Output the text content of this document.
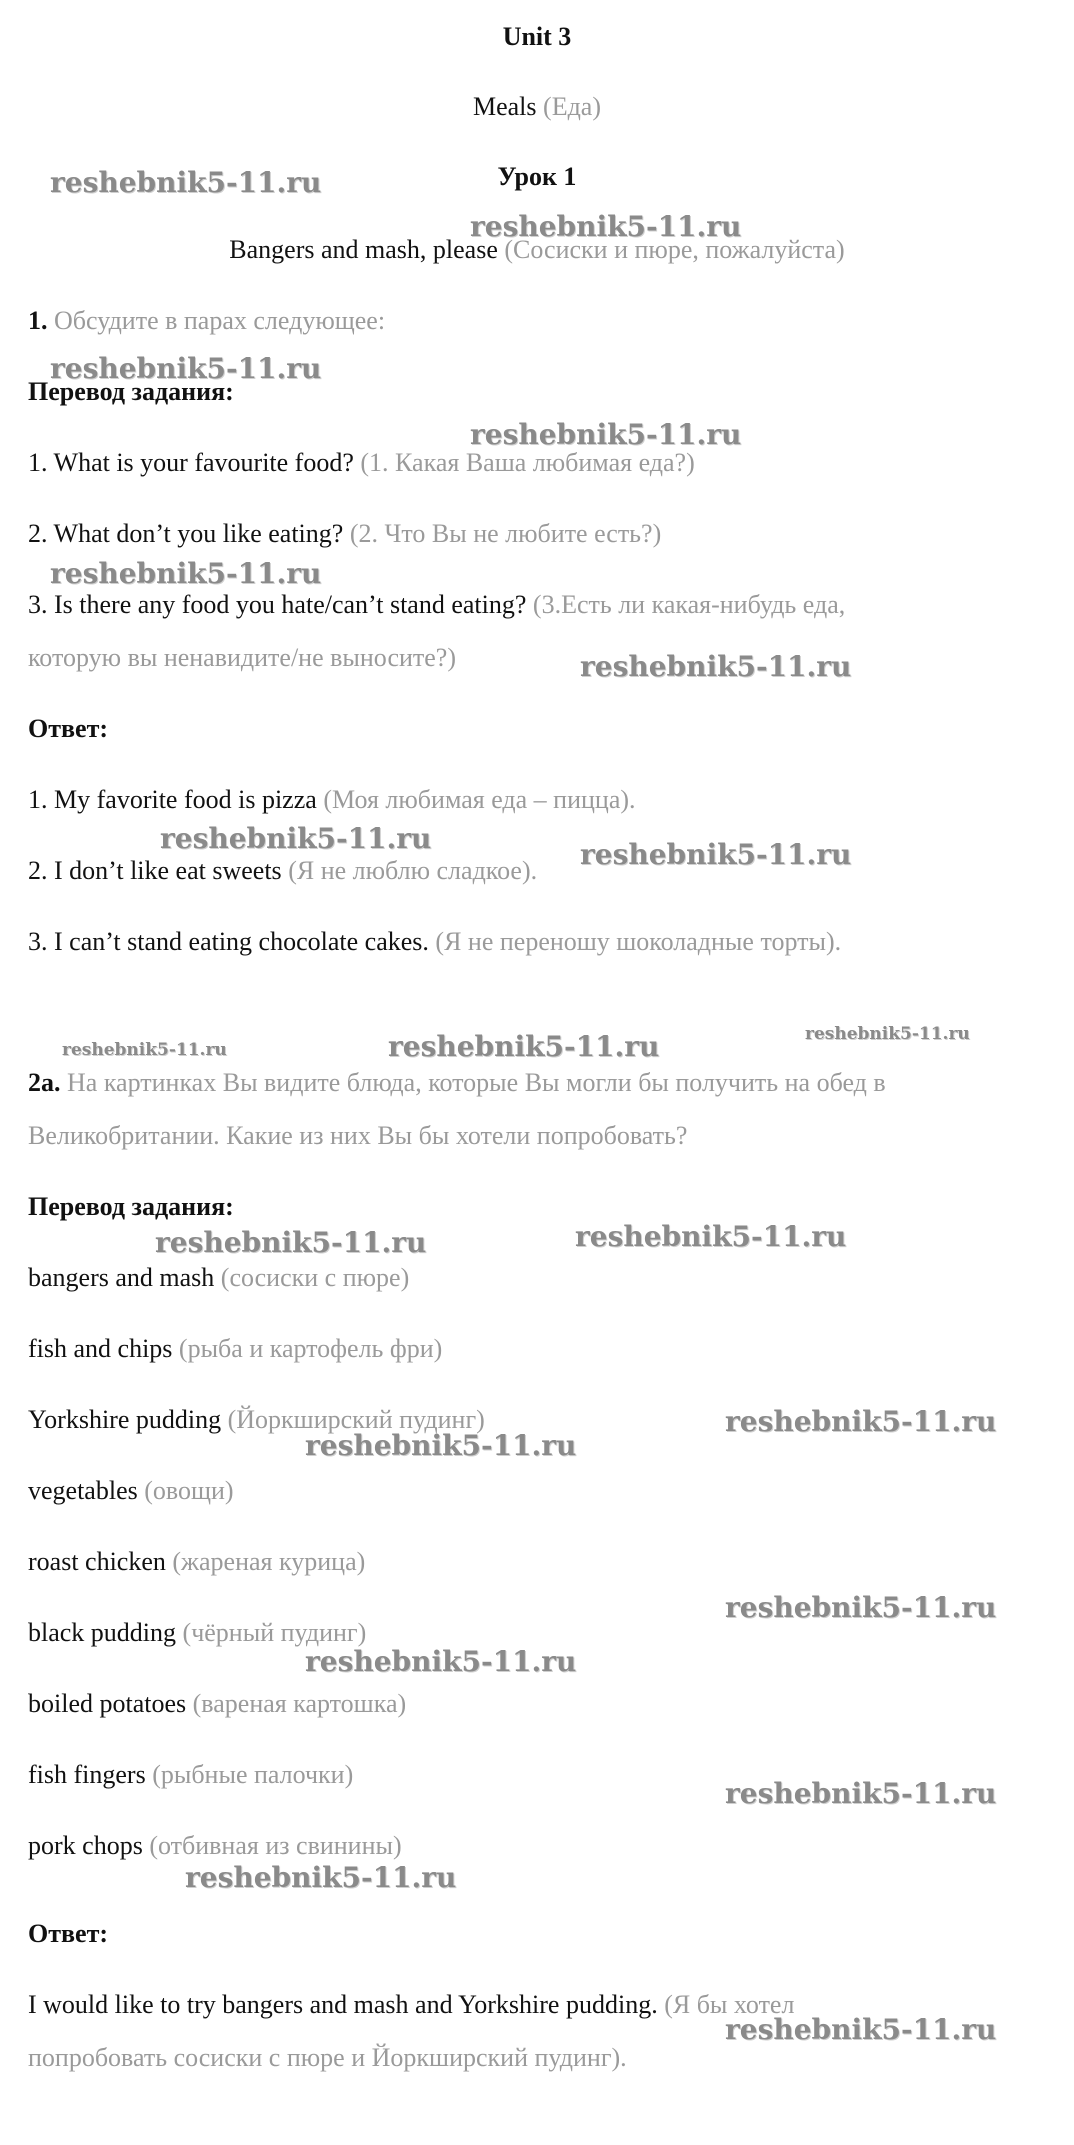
Unit 3
Meals (Еда)
Урок 1
Bangers and mash, please (Сосиски и пюре, пожалуйста)
1. Обсудите в парах следующее:
Перевод задания:
1. What is your favourite food? (1. Какая Ваша любимая еда?)
2. What don’t you like eating? (2. Что Вы не любите есть?)
3. Is there any food you hate/can’t stand eating? (3.Есть ли какая-нибудь еда,
которую вы ненавидите/не выносите?)
Ответ:
1. My favorite food is pizza (Моя любимая еда – пицца).
2. I don’t like eat sweets (Я не люблю сладкое).
3. I can’t stand eating chocolate cakes. (Я не переношу шоколадные торты).
2a. На картинках Вы видите блюда, которые Вы могли бы получить на обед в
Великобритании. Какие из них Вы бы хотели попробовать?
Перевод задания:
bangers and mash (сосиски с пюре)
fish and chips (рыба и картофель фри)
Yorkshire pudding (Йоркширский пудинг)
vegetables (овощи)
roast chicken (жареная курица)
black pudding (чёрный пудинг)
boiled potatoes (вареная картошка)
fish fingers (рыбные палочки)
pork chops (отбивная из свинины)
Ответ:
I would like to try bangers and mash and Yorkshire pudding. (Я бы хотел
попробовать сосиски с пюре и Йоркширский пудинг).
reshebnik5-11.ru
reshebnik5-11.ru
reshebnik5-11.ru
reshebnik5-11.ru
reshebnik5-11.ru
reshebnik5-11.ru
reshebnik5-11.ru	reshebnik5-11.ru
reshebnik5-11.ru	reshebnik5-11.ru	reshebnik5-11.ru
reshebnik5-11.ru	reshebnik5-11.ru
reshebnik5-11.ru
reshebnik5-11.ru
reshebnik5-11.ru
reshebnik5-11.ru
reshebnik5-11.ru
reshebnik5-11.ru
reshebnik5-11.ru
